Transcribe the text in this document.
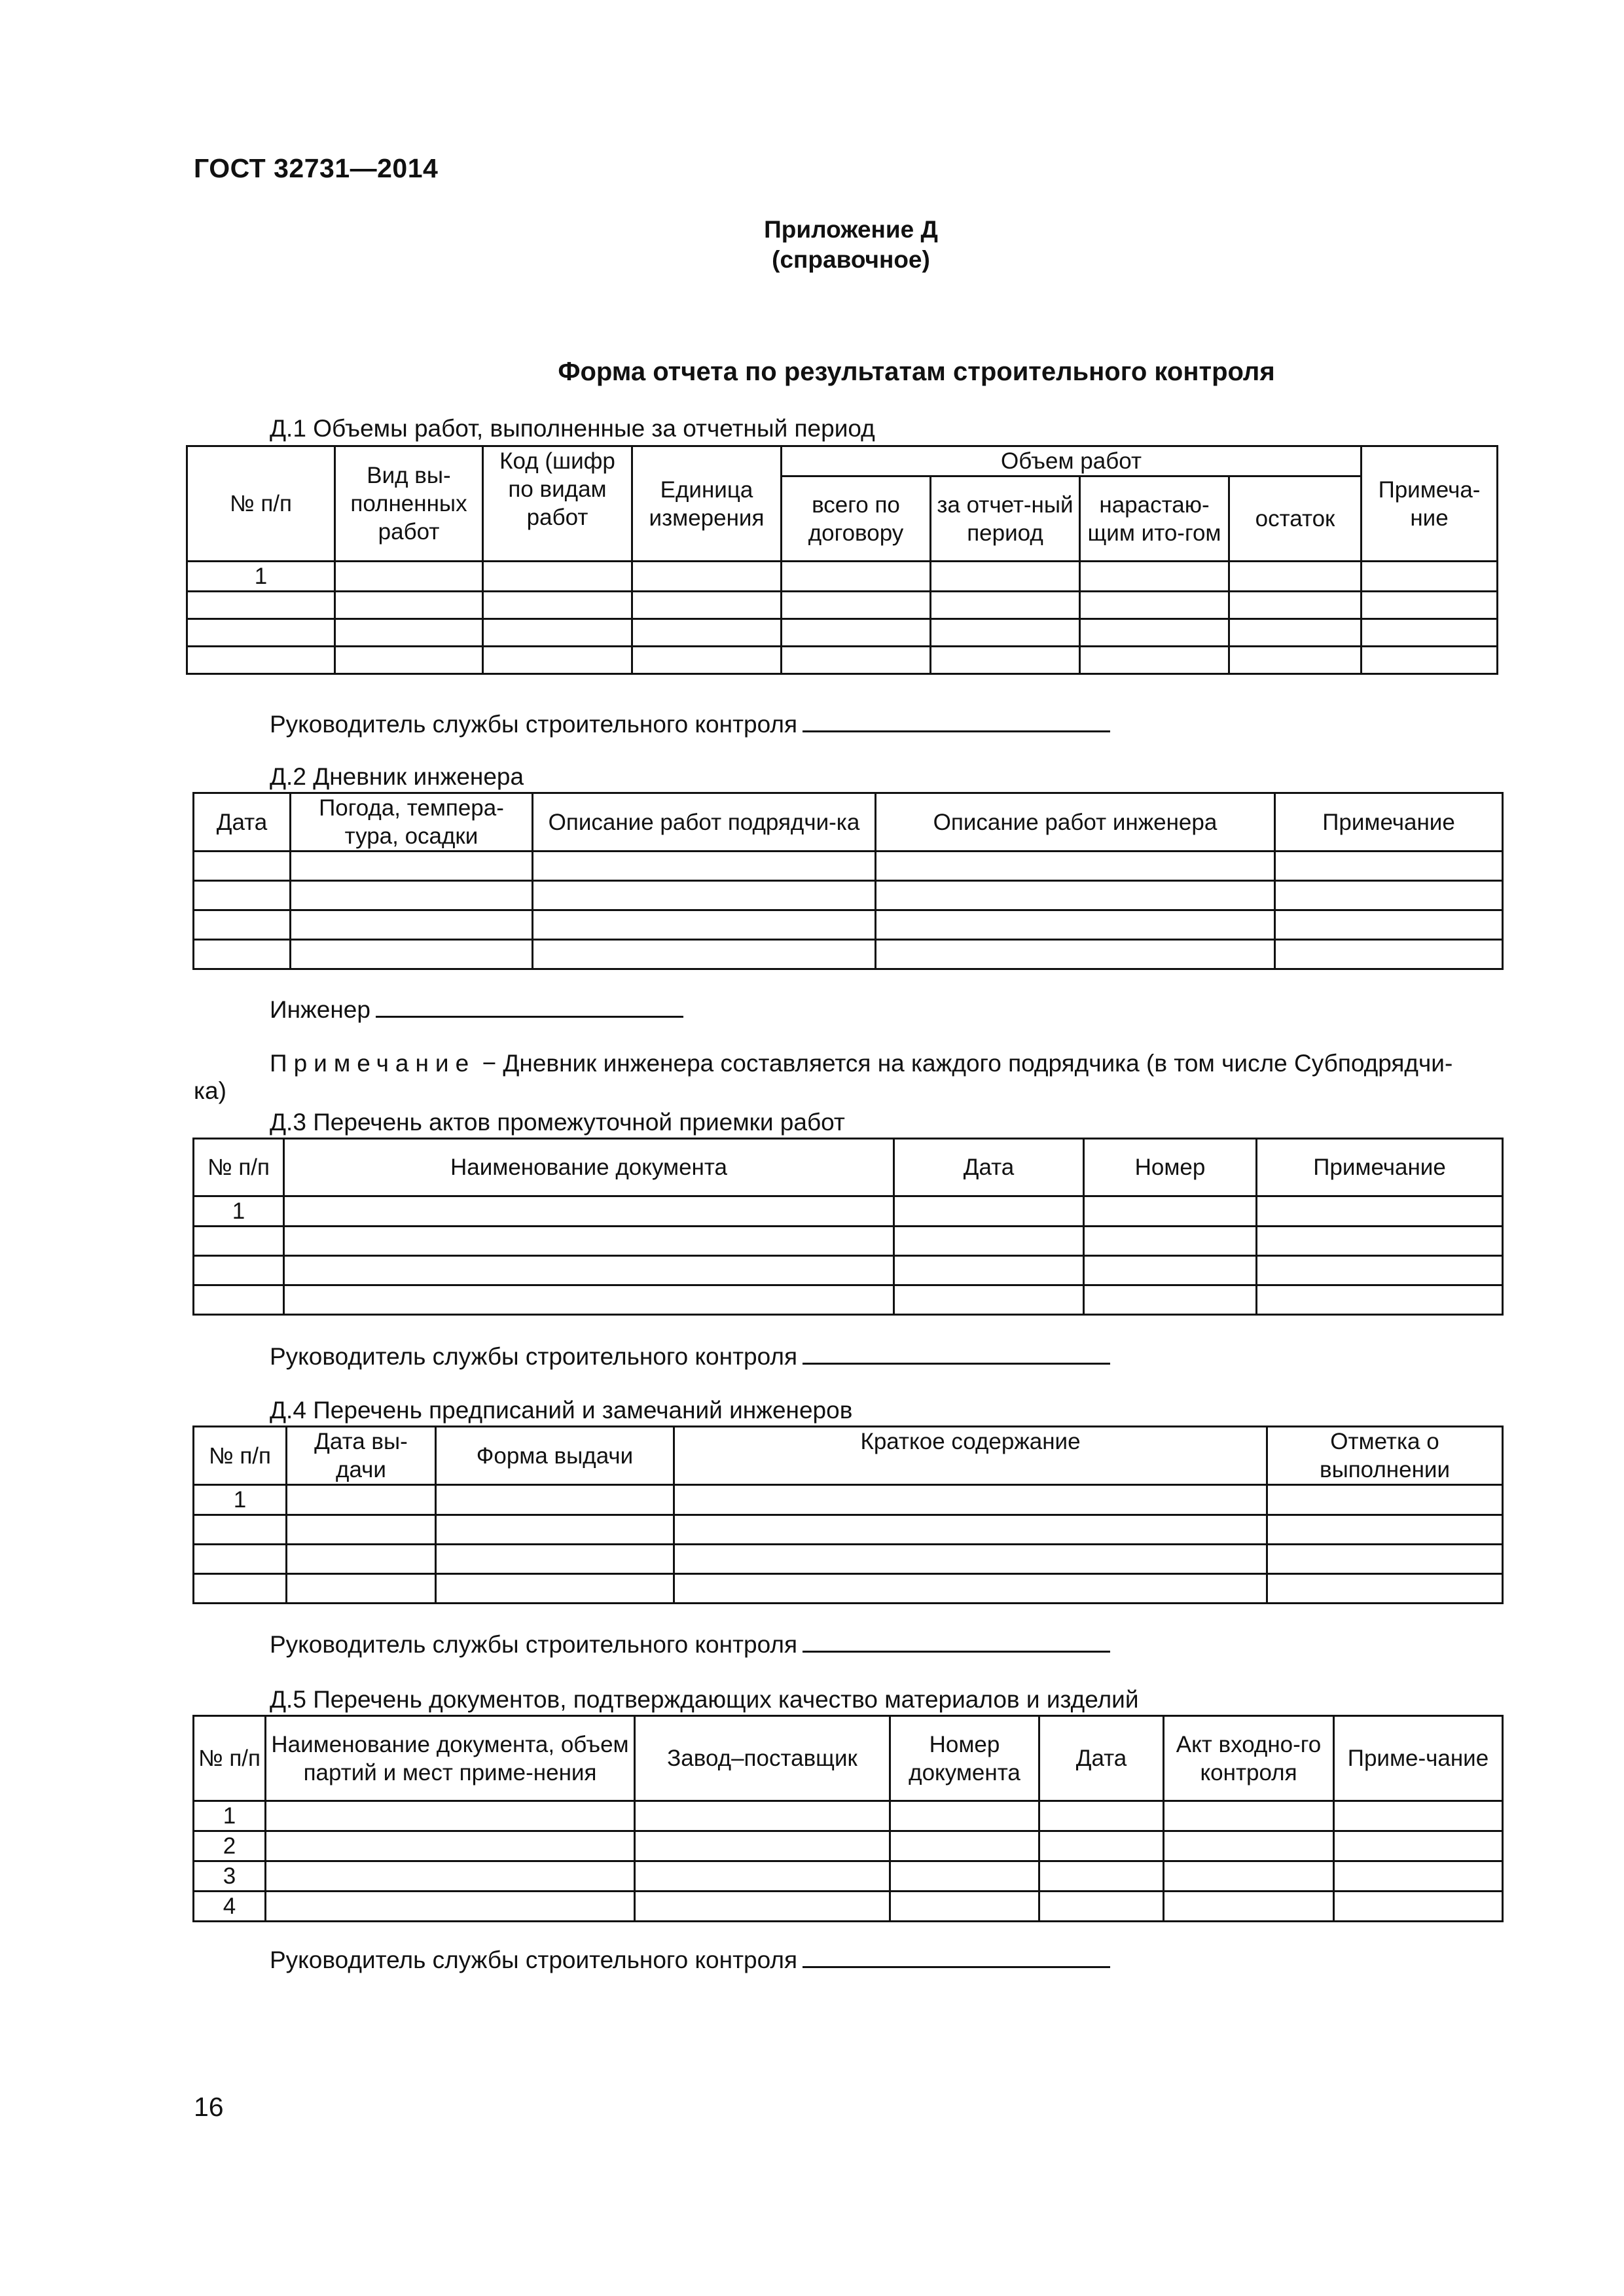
ГОСТ 32731—2014
Приложение Д
(справочное)
Форма отчета по результатам строительного контроля
Д.1 Объемы работ, выполненные за отчетный период
№ п/п	Вид вы-полненных работ	Код (шифр по видам работ	Единица измерения	Объем работ				Примеча-ние
				всего по договору	за отчет-ный период	нарастаю-щим ито-гом	остаток	
1								

Руководитель службы строительного контроля
Д.2 Дневник инженера
Дата	Погода, темпера-тура, осадки	Описание работ подрядчи-ка	Описание работ инженера	Примечание

Инженер
Примечание − Дневник инженера составляется на каждого подрядчика (в том числе Субподрядчи-
ка)
Д.3 Перечень актов промежуточной приемки работ
№ п/п	Наименование документа	Дата	Номер	Примечание
1				

Руководитель службы строительного контроля
Д.4 Перечень предписаний и замечаний инженеров
№ п/п	Дата вы-дачи	Форма выдачи	Краткое содержание	Отметка о выполнении
1				

Руководитель службы строительного контроля
Д.5 Перечень документов, подтверждающих качество материалов и изделий
№ п/п	Наименование документа, объем партий и мест приме-нения	Завод–поставщик	Номер документа	Дата	Акт входно-го контроля	Приме-чание
1						
2						
3						
4						
Руководитель службы строительного контроля
16
